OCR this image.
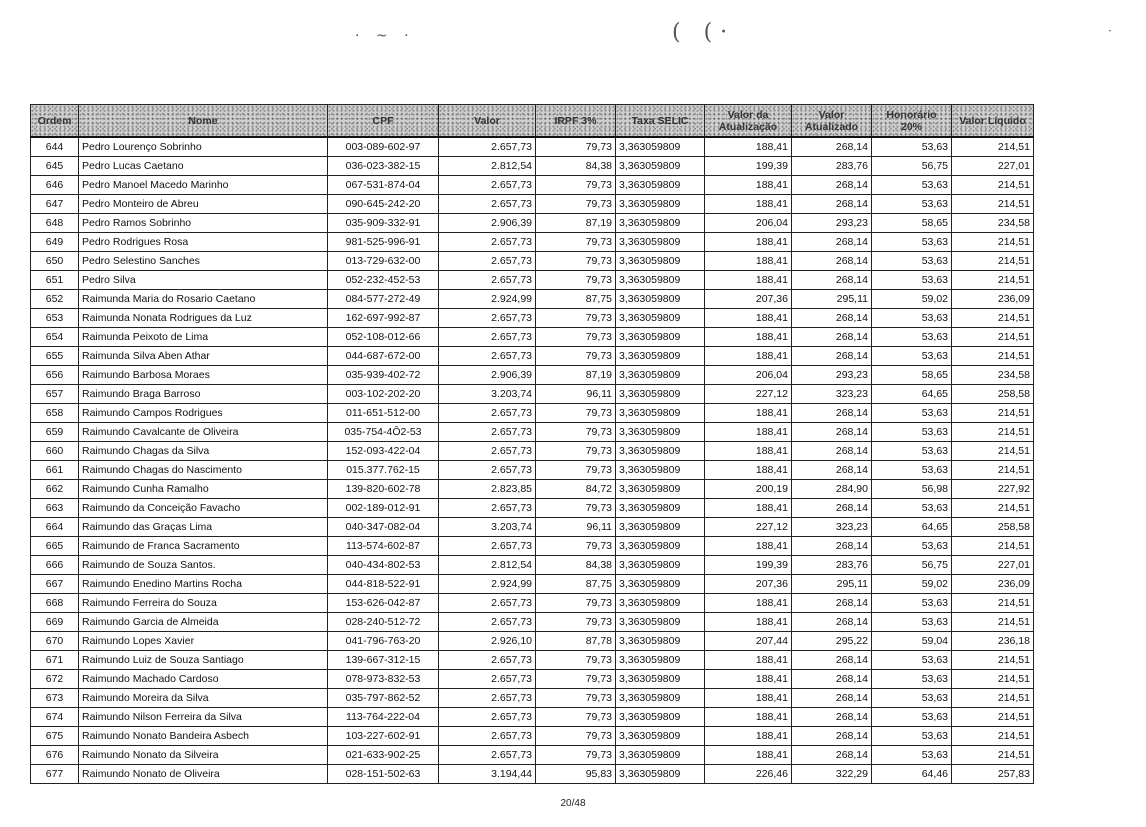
· ~ ·	( (·	·
Ordem	Nome	CPF	Valor	IRPF 3%	Taxa SELIC	Valor da Atualização	Valor Atualizado	Honorário 20%	Valor Líquido
644	Pedro Lourenço Sobrinho	003-089-602-97	2.657,73	79,73	3,363059809	188,41	268,14	53,63	214,51
645	Pedro Lucas Caetano	036-023-382-15	2.812,54	84,38	3,363059809	199,39	283,76	56,75	227,01
646	Pedro Manoel Macedo Marinho	067-531-874-04	2.657,73	79,73	3,363059809	188,41	268,14	53,63	214,51
647	Pedro Monteiro de Abreu	090-645-242-20	2.657,73	79,73	3,363059809	188,41	268,14	53,63	214,51
648	Pedro Ramos Sobrinho	035-909-332-91	2.906,39	87,19	3,363059809	206,04	293,23	58,65	234,58
649	Pedro Rodrigues Rosa	981-525-996-91	2.657,73	79,73	3,363059809	188,41	268,14	53,63	214,51
650	Pedro Selestino Sanches	013-729-632-00	2.657,73	79,73	3,363059809	188,41	268,14	53,63	214,51
651	Pedro Silva	052-232-452-53	2.657,73	79,73	3,363059809	188,41	268,14	53,63	214,51
652	Raimunda Maria do Rosario Caetano	084-577-272-49	2.924,99	87,75	3,363059809	207,36	295,11	59,02	236,09
653	Raimunda Nonata Rodrigues da Luz	162-697-992-87	2.657,73	79,73	3,363059809	188,41	268,14	53,63	214,51
654	Raimunda Peixoto de Lima	052-108-012-66	2.657,73	79,73	3,363059809	188,41	268,14	53,63	214,51
655	Raimunda Silva Aben Athar	044-687-672-00	2.657,73	79,73	3,363059809	188,41	268,14	53,63	214,51
656	Raimundo Barbosa Moraes	035-939-402-72	2.906,39	87,19	3,363059809	206,04	293,23	58,65	234,58
657	Raimundo Braga Barroso	003-102-202-20	3.203,74	96,11	3,363059809	227,12	323,23	64,65	258,58
658	Raimundo Campos Rodrigues	011-651-512-00	2.657,73	79,73	3,363059809	188,41	268,14	53,63	214,51
659	Raimundo Cavalcante de Oliveira	035-754-4Ô2-53	2.657,73	79,73	3,363059809	188,41	268,14	53,63	214,51
660	Raimundo Chagas da Silva	152-093-422-04	2.657,73	79,73	3,363059809	188,41	268,14	53,63	214,51
661	Raimundo Chagas do Nascimento	015.377.762-15	2.657,73	79,73	3,363059809	188,41	268,14	53,63	214,51
662	Raimundo Cunha Ramalho	139-820-602-78	2.823,85	84,72	3,363059809	200,19	284,90	56,98	227,92
663	Raimundo da Conceição Favacho	002-189-012-91	2.657,73	79,73	3,363059809	188,41	268,14	53,63	214,51
664	Raimundo das Graças Lima	040-347-082-04	3.203,74	96,11	3,363059809	227,12	323,23	64,65	258,58
665	Raimundo de Franca Sacramento	113-574-602-87	2.657,73	79,73	3,363059809	188,41	268,14	53,63	214,51
666	Raimundo de Souza Santos.	040-434-802-53	2.812,54	84,38	3,363059809	199,39	283,76	56,75	227,01
667	Raimundo Enedino Martins Rocha	044-818-522-91	2.924,99	87,75	3,363059809	207,36	295,11	59,02	236,09
668	Raimundo Ferreira do Souza	153-626-042-87	2.657,73	79,73	3,363059809	188,41	268,14	53,63	214,51
669	Raimundo Garcia de Almeida	028-240-512-72	2.657,73	79,73	3,363059809	188,41	268,14	53,63	214,51
670	Raimundo Lopes Xavier	041-796-763-20	2.926,10	87,78	3,363059809	207,44	295,22	59,04	236,18
671	Raimundo Luiz de Souza Santiago	139-667-312-15	2.657,73	79,73	3,363059809	188,41	268,14	53,63	214,51
672	Raimundo Machado Cardoso	078-973-832-53	2.657,73	79,73	3,363059809	188,41	268,14	53,63	214,51
673	Raimundo Moreira da Silva	035-797-862-52	2.657,73	79,73	3,363059809	188,41	268,14	53,63	214,51
674	Raimundo Nilson Ferreira da Silva	113-764-222-04	2.657,73	79,73	3,363059809	188,41	268,14	53,63	214,51
675	Raimundo Nonato Bandeira Asbech	103-227-602-91	2.657,73	79,73	3,363059809	188,41	268,14	53,63	214,51
676	Raimundo Nonato da Silveira	021-633-902-25	2.657,73	79,73	3,363059809	188,41	268,14	53,63	214,51
677	Raimundo Nonato de Oliveira	028-151-502-63	3.194,44	95,83	3,363059809	226,46	322,29	64,46	257,83
20/48
